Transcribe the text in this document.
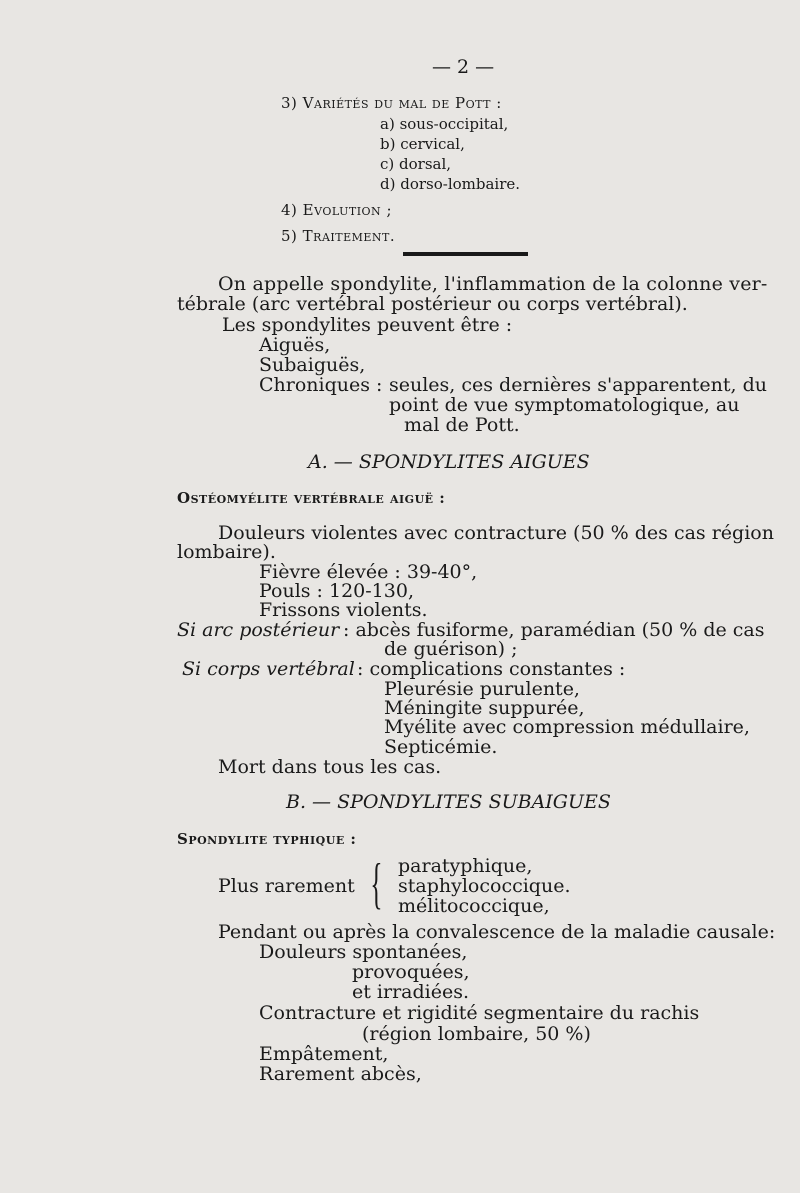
— 2 —
3) Variétés du mal de Pott :
a) sous-occipital,
b) cervical,
c) dorsal,
d) dorso-lombaire.
4) Evolution ;
5) Traitement.
On appelle spondylite, l'inflammation de la colonne ver-
tébrale (arc vertébral postérieur ou corps vertébral).
Les spondylites peuvent être :
Aiguës,
Subaiguës,
Chroniques : seules, ces dernières s'apparentent, du
point de vue symptomatologique, au
mal de Pott.
A. — SPONDYLITES AIGUES
Ostéomyélite vertébrale aiguë :
Douleurs violentes avec contracture (50 % des cas région
lombaire).
Fièvre élevée : 39-40°,
Pouls : 120-130,
Frissons violents.
Si arc postérieur : abcès fusiforme, paramédian (50 % de cas
de guérison) ;
Si corps vertébral : complications constantes :
Pleurésie purulente,
Méningite suppurée,
Myélite avec compression médullaire,
Septicémie.
Mort dans tous les cas.
B. — SPONDYLITES SUBAIGUES
Spondylite typhique :
Plus rarement { paratyphique,
staphylococcique.
mélitococcique,
Pendant ou après la convalescence de la maladie causale:
Douleurs spontanées,
provoquées,
et irradiées.
Contracture et rigidité segmentaire du rachis
(région lombaire, 50 %)
Empâtement,
Rarement abcès,
